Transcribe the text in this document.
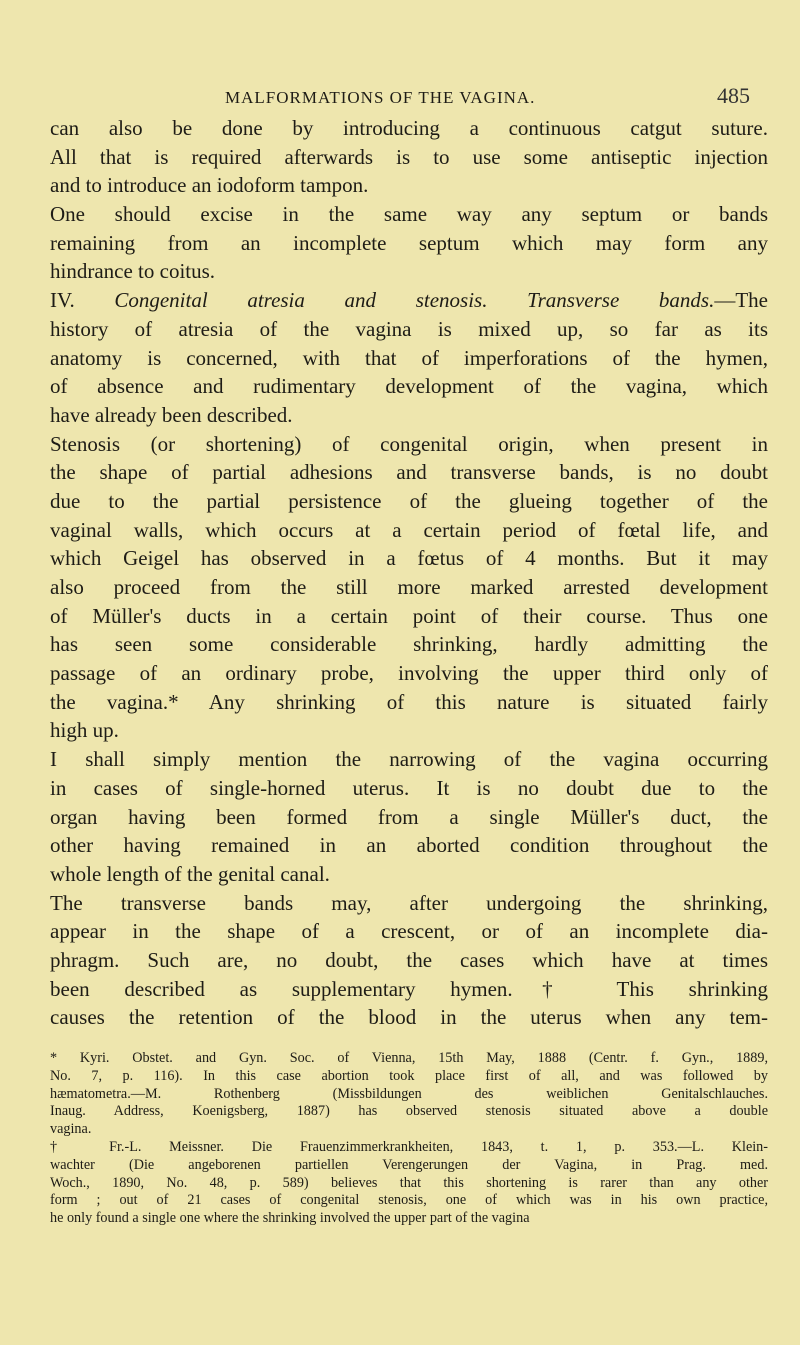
MALFORMATIONS OF THE VAGINA.	485
can also be done by introducing a continuous catgut suture.
All that is required afterwards is to use some antiseptic injection
and to introduce an iodoform tampon.
One should excise in the same way any septum or bands
remaining from an incomplete septum which may form any
hindrance to coitus.
IV. Congenital atresia and stenosis. Transverse bands.—The
history of atresia of the vagina is mixed up, so far as its
anatomy is concerned, with that of imperforations of the hymen,
of absence and rudimentary development of the vagina, which
have already been described.
Stenosis (or shortening) of congenital origin, when present in
the shape of partial adhesions and transverse bands, is no doubt
due to the partial persistence of the glueing together of the
vaginal walls, which occurs at a certain period of fœtal life, and
which Geigel has observed in a fœtus of 4 months. But it may
also proceed from the still more marked arrested development
of Müller's ducts in a certain point of their course. Thus one
has seen some considerable shrinking, hardly admitting the
passage of an ordinary probe, involving the upper third only of
the vagina.* Any shrinking of this nature is situated fairly
high up.
I shall simply mention the narrowing of the vagina occurring
in cases of single-horned uterus. It is no doubt due to the
organ having been formed from a single Müller's duct, the
other having remained in an aborted condition throughout the
whole length of the genital canal.
The transverse bands may, after undergoing the shrinking,
appear in the shape of a crescent, or of an incomplete dia-
phragm. Such are, no doubt, the cases which have at times
been described as supplementary hymen.† This shrinking
causes the retention of the blood in the uterus when any tem-
* Kyri. Obstet. and Gyn. Soc. of Vienna, 15th May, 1888 (Centr. f. Gyn., 1889,
No. 7, p. 116). In this case abortion took place first of all, and was followed by
hæmatometra.—M. Rothenberg (Missbildungen des weiblichen Genitalschlauches.
Inaug. Address, Koenigsberg, 1887) has observed stenosis situated above a double
vagina.
† Fr.-L. Meissner. Die Frauenzimmerkrankheiten, 1843, t. 1, p. 353.—L. Klein-
wachter (Die angeborenen partiellen Verengerungen der Vagina, in Prag. med.
Woch., 1890, No. 48, p. 589) believes that this shortening is rarer than any other
form ; out of 21 cases of congenital stenosis, one of which was in his own practice,
he only found a single one where the shrinking involved the upper part of the vagina
